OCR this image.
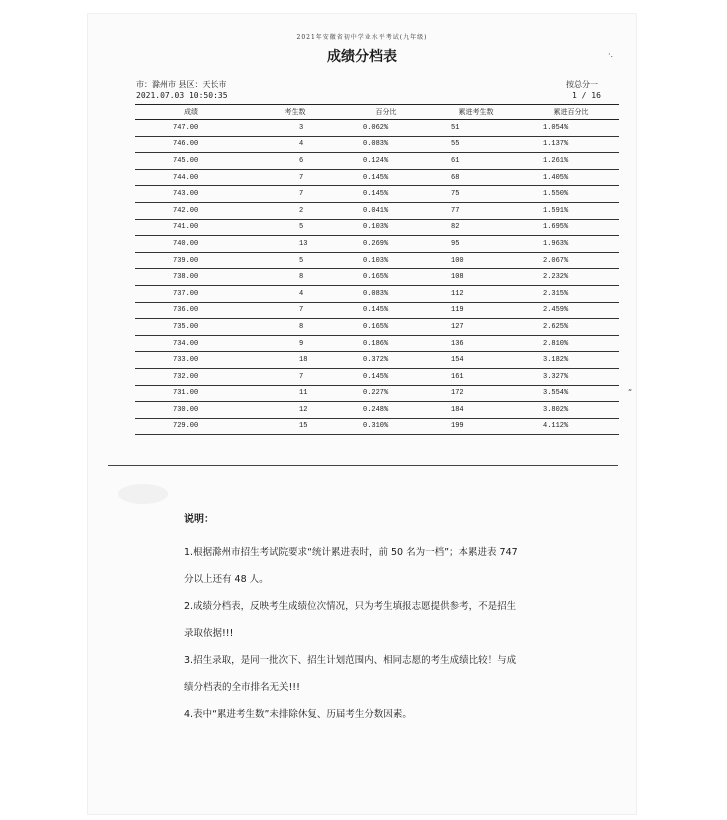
2021年安徽省初中学业水平考试(九年级)
成绩分档表	·.
“
市：滁州市 县区：天长市
2021.07.03 10:50:35
按总分一
1 / 16
成绩	考生数	百分比	累进考生数	累进百分比
747.00	3	0.062%	51	1.054%
746.00	4	0.083%	55	1.137%
745.00	6	0.124%	61	1.261%
744.00	7	0.145%	68	1.405%
743.00	7	0.145%	75	1.550%
742.00	2	0.041%	77	1.591%
741.00	5	0.103%	82	1.695%
740.00	13	0.269%	95	1.963%
739.00	5	0.103%	100	2.067%
738.00	8	0.165%	108	2.232%
737.00	4	0.083%	112	2.315%
736.00	7	0.145%	119	2.459%
735.00	8	0.165%	127	2.625%
734.00	9	0.186%	136	2.810%
733.00	18	0.372%	154	3.182%
732.00	7	0.145%	161	3.327%
731.00	11	0.227%	172	3.554%
730.00	12	0.248%	184	3.802%
729.00	15	0.310%	199	4.112%
说明：

1.根据滁州市招生考试院要求“统计累进表时，前 50 名为一档”；本累进表 747

分以上还有 48 人。

2.成绩分档表，反映考生成绩位次情况，只为考生填报志愿提供参考，不是招生

录取依据!!!

3.招生录取，是同一批次下、招生计划范围内、相同志愿的考生成绩比较！与成

绩分档表的全市排名无关!!!

4.表中“累进考生数”未排除休复、历届考生分数因素。
